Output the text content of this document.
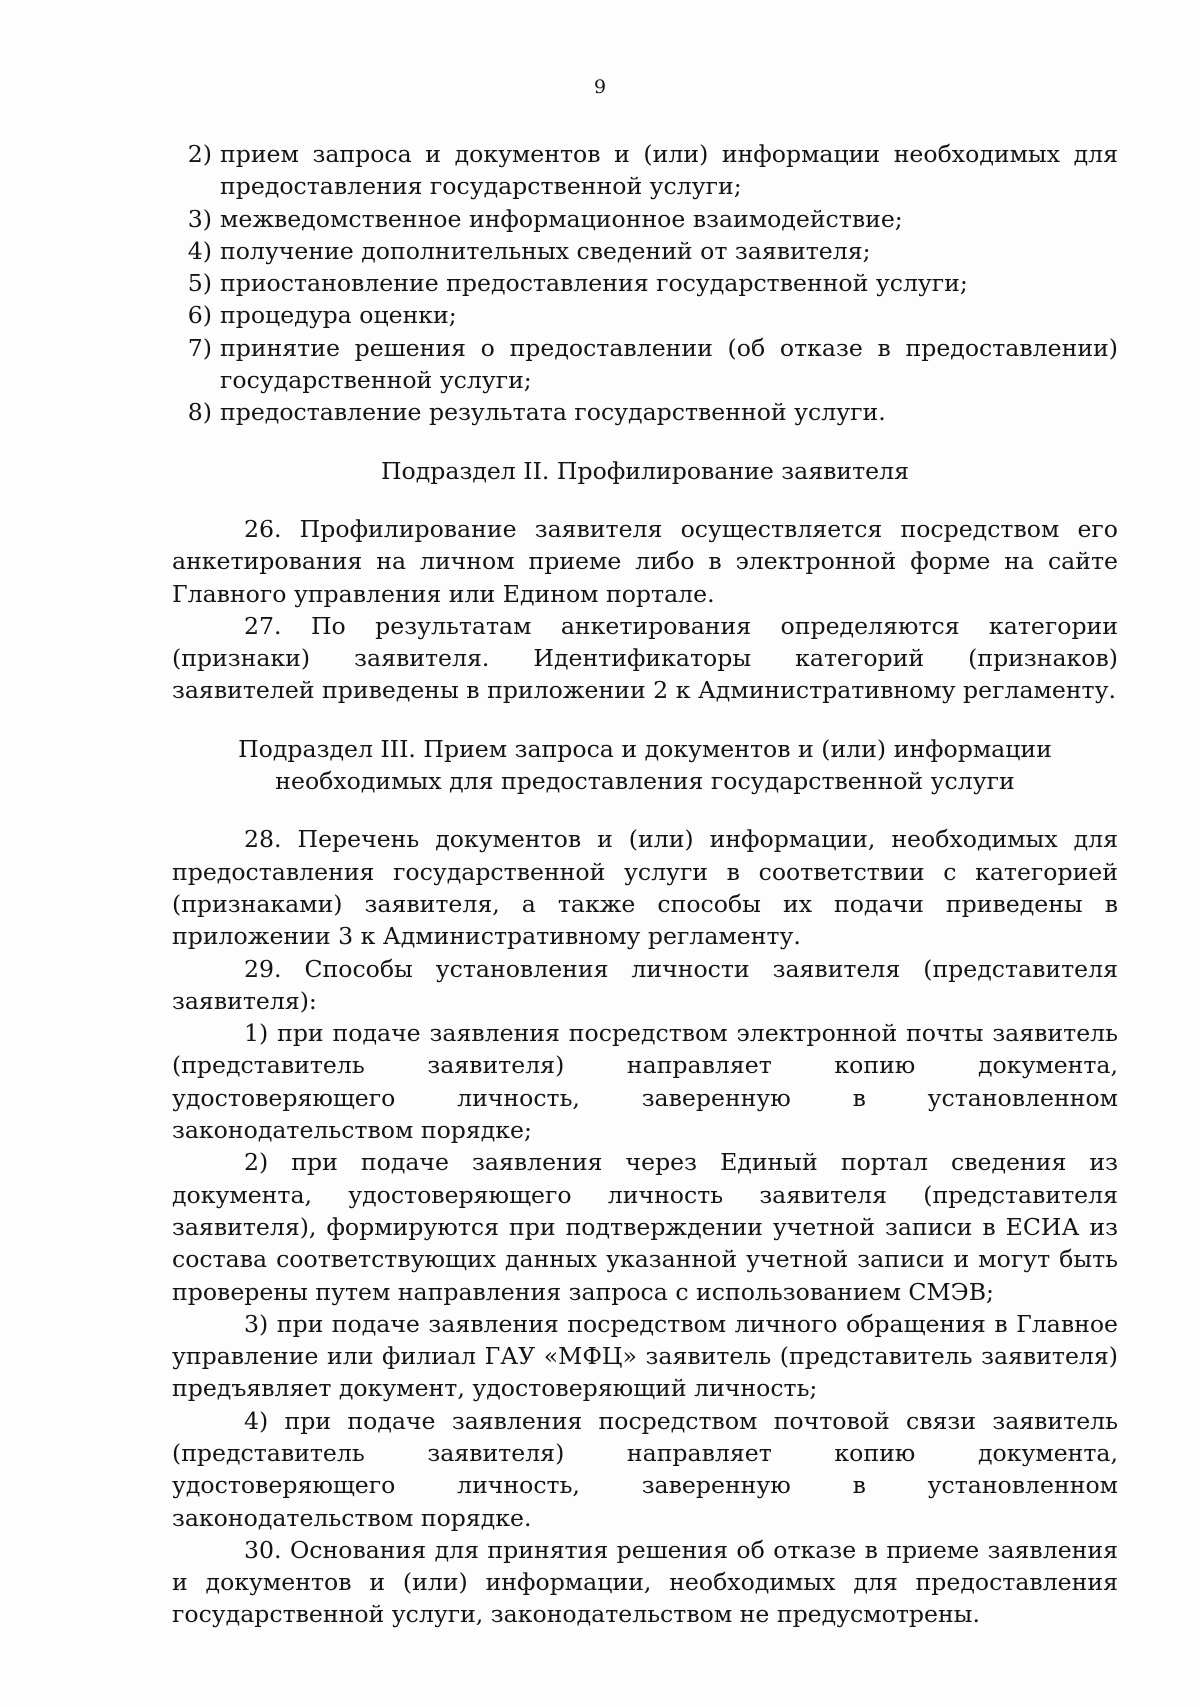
9
2) прием запроса и документов и (или) информации необходимых для предоставления государственной услуги;
3) межведомственное информационное взаимодействие;
4) получение дополнительных сведений от заявителя;
5) приостановление предоставления государственной услуги;
6) процедура оценки;
7) принятие решения о предоставлении (об отказе в предоставлении) государственной услуги;
8) предоставление результата государственной услуги.
Подраздел II. Профилирование заявителя
26. Профилирование заявителя осуществляется посредством его анкетирования на личном приеме либо в электронной форме на сайте Главного управления или Едином портале.
27. По результатам анкетирования определяются категории (признаки) заявителя. Идентификаторы категорий (признаков) заявителей приведены в приложении 2 к Административному регламенту.
Подраздел III. Прием запроса и документов и (или) информации
необходимых для предоставления государственной услуги
28. Перечень документов и (или) информации, необходимых для предоставления государственной услуги в соответствии с категорией (признаками) заявителя, а также способы их подачи приведены в приложении 3 к Административному регламенту.
29. Способы установления личности заявителя (представителя заявителя):
1) при подаче заявления посредством электронной почты заявитель (представитель заявителя) направляет копию документа, удостоверяющего личность, заверенную в установленном законодательством порядке;
2) при подаче заявления через Единый портал сведения из документа, удостоверяющего личность заявителя (представителя заявителя), формируются при подтверждении учетной записи в ЕСИА из состава соответствующих данных указанной учетной записи и могут быть проверены путем направления запроса с использованием СМЭВ;
3) при подаче заявления посредством личного обращения в Главное управление или филиал ГАУ «МФЦ» заявитель (представитель заявителя) предъявляет документ, удостоверяющий личность;
4) при подаче заявления посредством почтовой связи заявитель (представитель заявителя) направляет копию документа, удостоверяющего личность, заверенную в установленном законодательством порядке.
30. Основания для принятия решения об отказе в приеме заявления и документов и (или) информации, необходимых для предоставления государственной услуги, законодательством не предусмотрены.
